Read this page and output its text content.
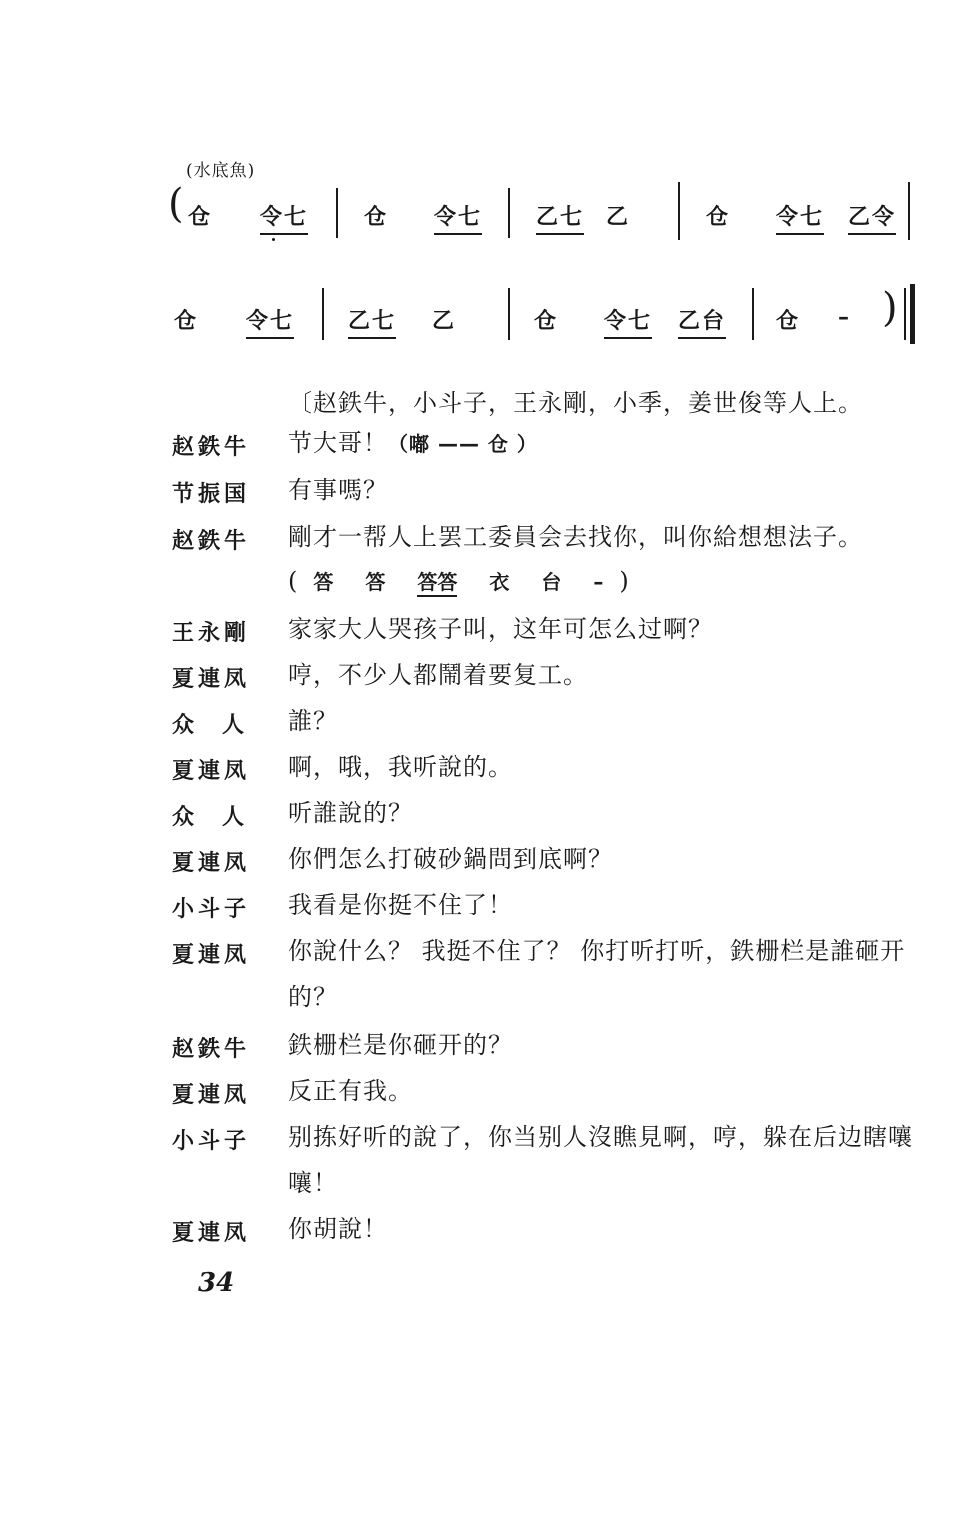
(水底魚)
( 仓 令七	仓 令七 乙七 乙	仓 令七 乙令
仓 令七 乙七 乙	仓 令七 乙台 仓 – )
〔赵鉄牛，小斗子，王永剛，小季，姜世俊等人上。
赵鉄牛	节大哥！（嘟 —— 仓 ）
节振国	有事嗎？
赵鉄牛	剛才一帮人上罢工委員会去找你，叫你給想想法子。
( 答 答 答答 衣 台 – )
王永剛	家家大人哭孩子叫，这年可怎么过啊？
夏連凤	哼，不少人都鬧着要复工。
众人 誰？
夏連凤	啊，哦，我听說的。
众人 听誰說的？
夏連凤	你們怎么打破砂鍋問到底啊？
小斗子	我看是你挺不住了！
夏連凤	你說什么？ 我挺不住了？ 你打听打听，鉄栅栏是誰砸开的？
赵鉄牛	鉄栅栏是你砸开的？
夏連凤	反正有我。
小斗子	别拣好听的說了，你当别人沒瞧見啊，哼，躲在后边瞎嚷嚷！
夏連凤	你胡說！
34
